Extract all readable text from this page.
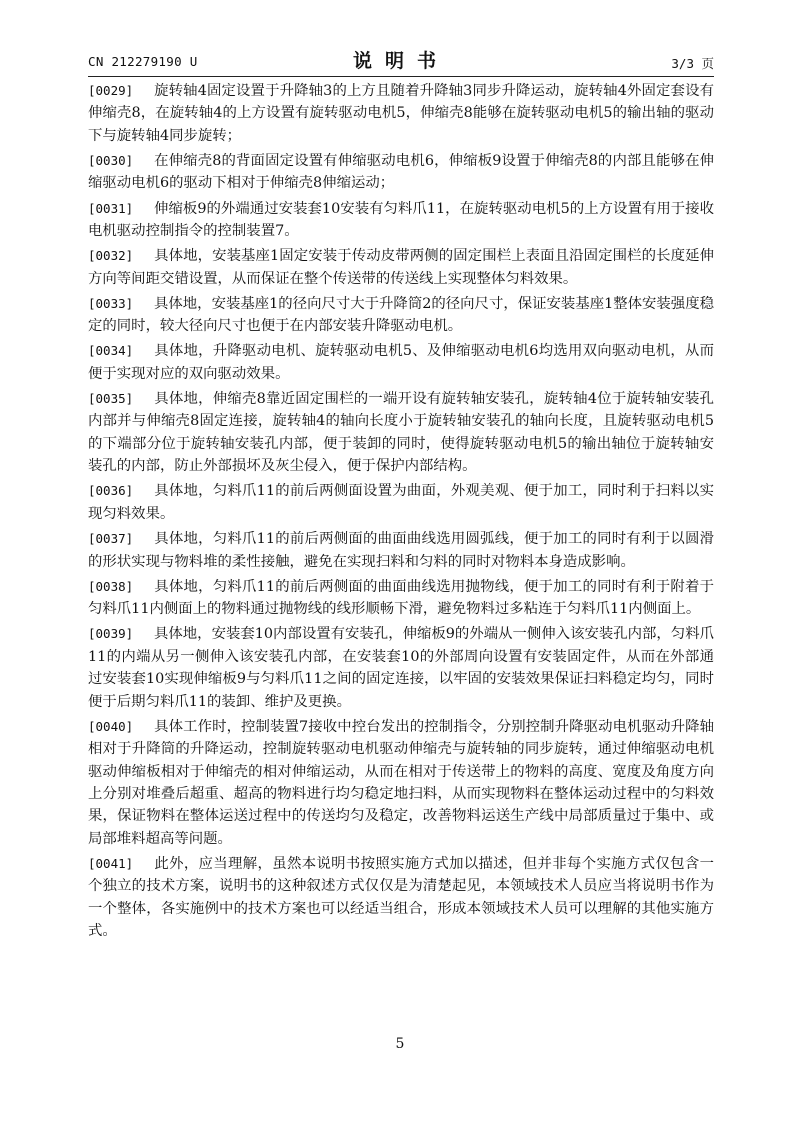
CN 212279190 U	说明书	3/3 页

[0029] 旋转轴4固定设置于升降轴3的上方且随着升降轴3同步升降运动，旋转轴4外固定套设有伸缩壳8，在旋转轴4的上方设置有旋转驱动电机5，伸缩壳8能够在旋转驱动电机5的输出轴的驱动下与旋转轴4同步旋转；

[0030] 在伸缩壳8的背面固定设置有伸缩驱动电机6，伸缩板9设置于伸缩壳8的内部且能够在伸缩驱动电机6的驱动下相对于伸缩壳8伸缩运动；

[0031] 伸缩板9的外端通过安装套10安装有匀料爪11，在旋转驱动电机5的上方设置有用于接收电机驱动控制指令的控制装置7。

[0032] 具体地，安装基座1固定安装于传动皮带两侧的固定围栏上表面且沿固定围栏的长度延伸方向等间距交错设置，从而保证在整个传送带的传送线上实现整体匀料效果。

[0033] 具体地，安装基座1的径向尺寸大于升降筒2的径向尺寸，保证安装基座1整体安装强度稳定的同时，较大径向尺寸也便于在内部安装升降驱动电机。

[0034] 具体地，升降驱动电机、旋转驱动电机5、及伸缩驱动电机6均选用双向驱动电机，从而便于实现对应的双向驱动效果。

[0035] 具体地，伸缩壳8靠近固定围栏的一端开设有旋转轴安装孔，旋转轴4位于旋转轴安装孔内部并与伸缩壳8固定连接，旋转轴4的轴向长度小于旋转轴安装孔的轴向长度，且旋转驱动电机5的下端部分位于旋转轴安装孔内部，便于装卸的同时，使得旋转驱动电机5的输出轴位于旋转轴安装孔的内部，防止外部损坏及灰尘侵入，便于保护内部结构。

[0036] 具体地，匀料爪11的前后两侧面设置为曲面，外观美观、便于加工，同时利于扫料以实现匀料效果。

[0037] 具体地，匀料爪11的前后两侧面的曲面曲线选用圆弧线，便于加工的同时有利于以圆滑的形状实现与物料堆的柔性接触，避免在实现扫料和匀料的同时对物料本身造成影响。

[0038] 具体地，匀料爪11的前后两侧面的曲面曲线选用抛物线，便于加工的同时有利于附着于匀料爪11内侧面上的物料通过抛物线的线形顺畅下滑，避免物料过多粘连于匀料爪11内侧面上。

[0039] 具体地，安装套10内部设置有安装孔，伸缩板9的外端从一侧伸入该安装孔内部，匀料爪11的内端从另一侧伸入该安装孔内部，在安装套10的外部周向设置有安装固定件，从而在外部通过安装套10实现伸缩板9与匀料爪11之间的固定连接，以牢固的安装效果保证扫料稳定均匀，同时便于后期匀料爪11的装卸、维护及更换。

[0040] 具体工作时，控制装置7接收中控台发出的控制指令，分别控制升降驱动电机驱动升降轴相对于升降筒的升降运动，控制旋转驱动电机驱动伸缩壳与旋转轴的同步旋转，通过伸缩驱动电机驱动伸缩板相对于伸缩壳的相对伸缩运动，从而在相对于传送带上的物料的高度、宽度及角度方向上分别对堆叠后超重、超高的物料进行均匀稳定地扫料，从而实现物料在整体运动过程中的匀料效果，保证物料在整体运送过程中的传送均匀及稳定，改善物料运送生产线中局部质量过于集中、或局部堆料超高等问题。

[0041] 此外，应当理解，虽然本说明书按照实施方式加以描述，但并非每个实施方式仅包含一个独立的技术方案，说明书的这种叙述方式仅仅是为清楚起见，本领域技术人员应当将说明书作为一个整体，各实施例中的技术方案也可以经适当组合，形成本领域技术人员可以理解的其他实施方式。

5
